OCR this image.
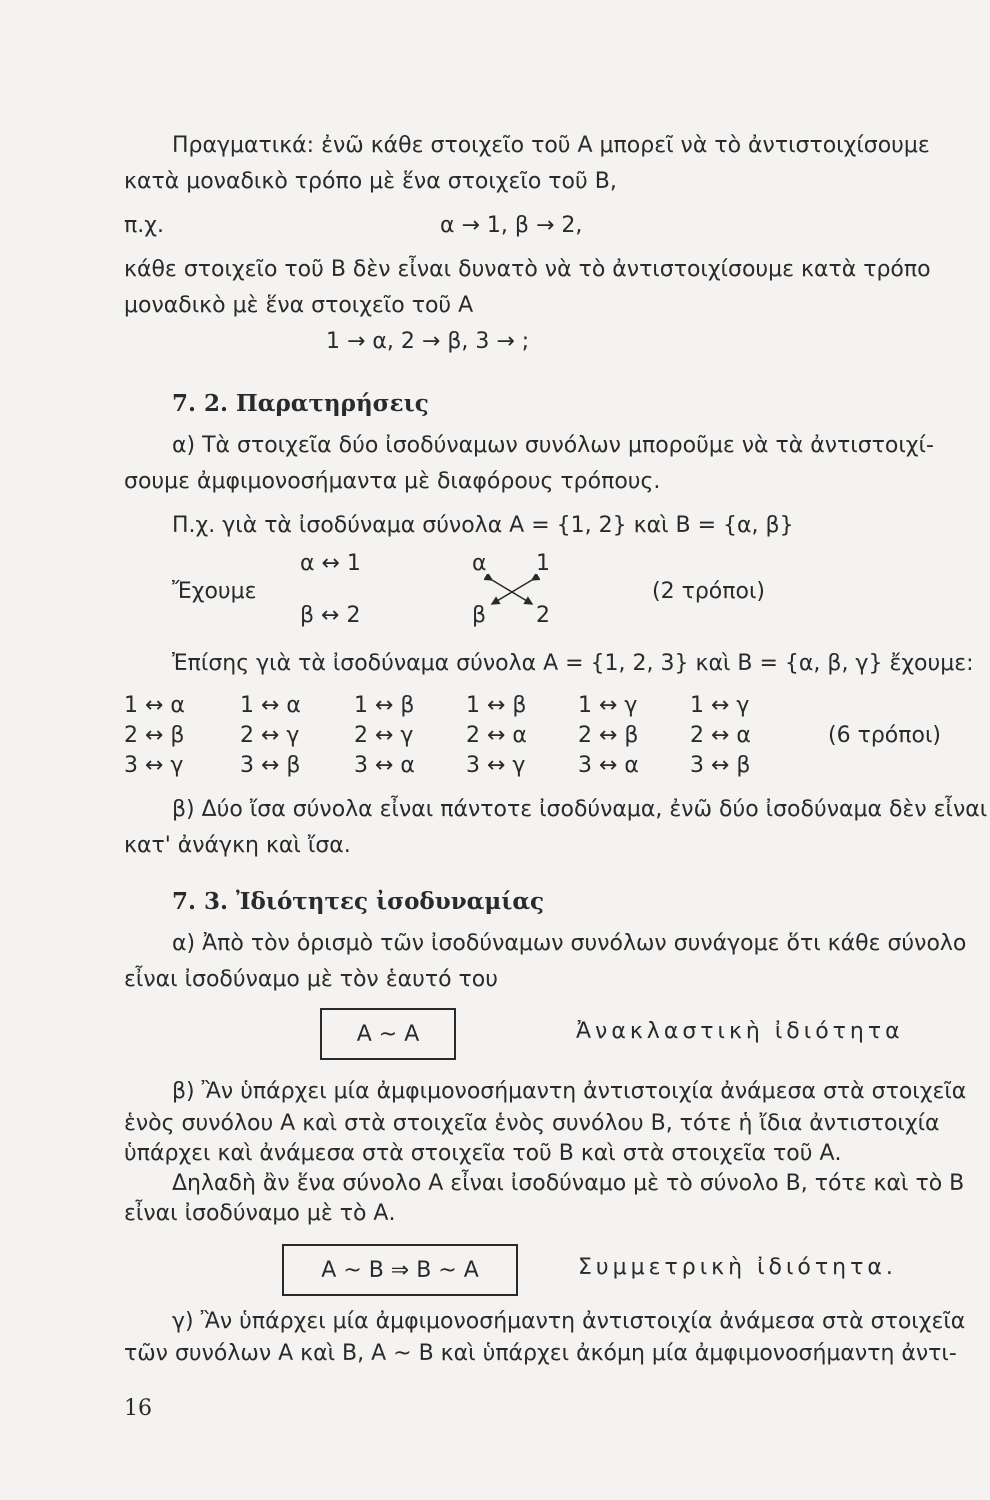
Πραγματικά: ἐνῶ κάθε στοιχεῖο τοῦ Α μπορεῖ νὰ τὸ ἀντιστοιχίσουμε
κατὰ μοναδικὸ τρόπο μὲ ἕνα στοιχεῖο τοῦ Β,
π.χ.	α → 1, β → 2,
κάθε στοιχεῖο τοῦ Β δὲν εἶναι δυνατὸ νὰ τὸ ἀντιστοιχίσουμε κατὰ τρόπο
μοναδικὸ μὲ ἕνα στοιχεῖο τοῦ Α
1 → α, 2 → β, 3 → ;
7. 2. Παρατηρήσεις
α) Τὰ στοιχεῖα δύο ἰσοδύναμων συνόλων μποροῦμε νὰ τὰ ἀντιστοιχί-
σουμε ἀμφιμονοσήμαντα μὲ διαφόρους τρόπους.
Π.χ. γιὰ τὰ ἰσοδύναμα σύνολα Α = {1, 2} καὶ Β = {α, β}
α ↔ 1
Ἔχουμε
β ↔ 2
α 1
β 2
(2 τρόποι)
Ἐπίσης γιὰ τὰ ἰσοδύναμα σύνολα Α = {1, 2, 3} καὶ Β = {α, β, γ} ἔχουμε:
1 ↔ α	1 ↔ α 1 ↔ β 1 ↔ β 1 ↔ γ 1 ↔ γ
2 ↔ β	2 ↔ γ 2 ↔ γ 2 ↔ α 2 ↔ β 2 ↔ α	(6 τρόποι)
3 ↔ γ	3 ↔ β 3 ↔ α 3 ↔ γ 3 ↔ α 3 ↔ β
β) Δύο ἴσα σύνολα εἶναι πάντοτε ἰσοδύναμα, ἐνῶ δύο ἰσοδύναμα δὲν εἶναι
κατ' ἀνάγκη καὶ ἴσα.
7. 3. Ἰδιότητες ἰσοδυναμίας
α) Ἀπὸ τὸν ὁρισμὸ τῶν ἰσοδύναμων συνόλων συνάγομε ὅτι κάθε σύνολο
εἶναι ἰσοδύναμο μὲ τὸν ἑαυτό του
Α ~ Α	Ἀνακλαστικὴ ἰδιότητα
β) Ἂν ὑπάρχει μία ἀμφιμονοσήμαντη ἀντιστοιχία ἀνάμεσα στὰ στοιχεῖα
ἑνὸς συνόλου Α καὶ στὰ στοιχεῖα ἑνὸς συνόλου Β, τότε ἡ ἴδια ἀντιστοιχία
ὑπάρχει καὶ ἀνάμεσα στὰ στοιχεῖα τοῦ Β καὶ στὰ στοιχεῖα τοῦ Α.
Δηλαδὴ ἂν ἕνα σύνολο Α εἶναι ἰσοδύναμο μὲ τὸ σύνολο Β, τότε καὶ τὸ Β
εἶναι ἰσοδύναμο μὲ τὸ Α.
Α ~ Β ⇒ Β ~ Α	Συμμετρικὴ ἰδιότητα.
γ) Ἂν ὑπάρχει μία ἀμφιμονοσήμαντη ἀντιστοιχία ἀνάμεσα στὰ στοιχεῖα
τῶν συνόλων Α καὶ Β, Α ~ Β καὶ ὑπάρχει ἀκόμη μία ἀμφιμονοσήμαντη ἀντι-
16
